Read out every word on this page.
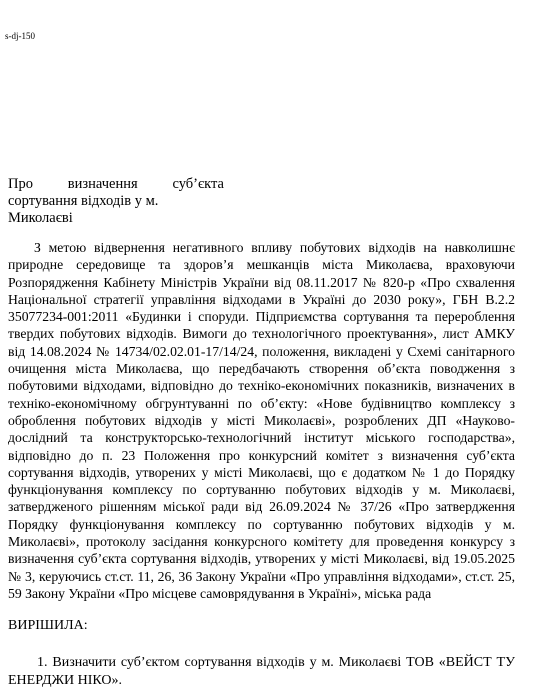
s-dj-150
Про визначення суб’єкта
сортування відходів у м. Миколаєві

З метою відвернення негативного впливу побутових відходів на навколишнє природне середовище та здоров’я мешканців міста Миколаєва, враховуючи Розпорядження Кабінету Міністрів України від 08.11.2017 № 820-р «Про схвалення Національної стратегії управління відходами в Україні до 2030 року», ГБН В.2.2 35077234-001:2011 «Будинки і споруди. Підприємства сортування та перероблення твердих побутових відходів. Вимоги до технологічного проектування», лист АМКУ від 14.08.2024 № 14734/02.02.01-17/14/24, положення, викладені у Схемі санітарного очищення міста Миколаєва, що передбачають створення об’єкта поводження з побутовими відходами, відповідно до техніко-економічних показників, визначених в техніко-економічному обгрунтуванні по об’єкту: «Нове будівництво комплексу з оброблення побутових відходів у місті Миколаєві», розроблених ДП «Науково-дослідний та конструкторсько-технологічний інститут міського господарства», відповідно до п. 23 Положення про конкурсний комітет з визначення суб’єкта сортування відходів, утворених у місті Миколаєві, що є додатком № 1 до Порядку функціонування комплексу по сортуванню побутових відходів у м. Миколаєві, затвердженого рішенням міської ради від 26.09.2024 № 37/26 «Про затвердження Порядку функціонування комплексу по сортуванню побутових відходів у м. Миколаєві», протоколу засідання конкурсного комітету для проведення конкурсу з визначення суб’єкта сортування відходів, утворених у місті Миколаєві, від 19.05.2025 № 3, керуючись ст.ст. 11, 26, 36 Закону України «Про управління відходами», ст.ст. 25, 59 Закону України «Про місцеве самоврядування в Україні», міська рада

ВИРІШИЛА:

1. Визначити суб’єктом сортування відходів у м. Миколаєві ТОВ «ВЕЙСТ ТУ ЕНЕРДЖИ НІКО».
